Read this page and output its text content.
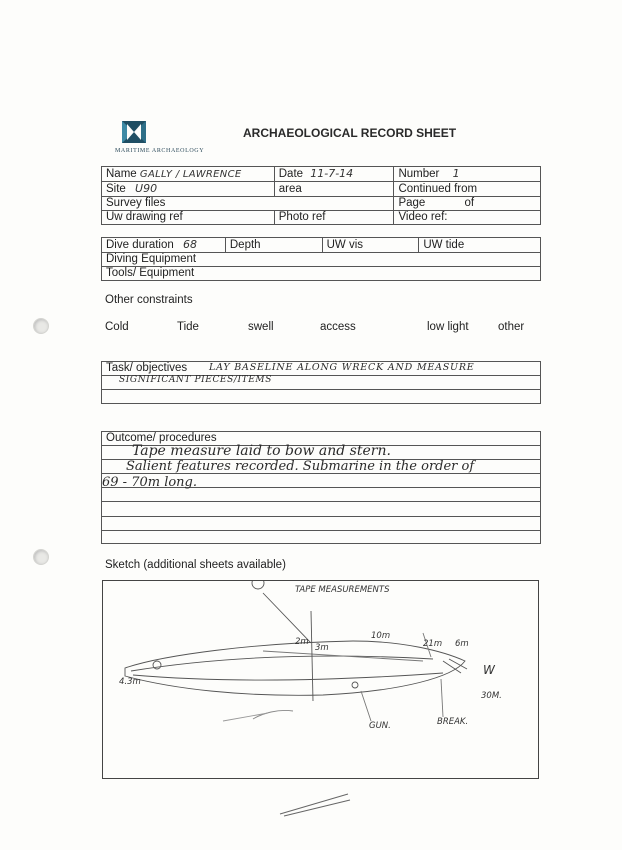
MARITIME ARCHAEOLOGY
ARCHAEOLOGICAL RECORD SHEET
Name GALLY / LAWRENCE	Date 11-7-14	Number 1
Site U90	area	Continued from
Survey files		Page of
Uw drawing ref	Photo ref	Video ref:
Dive duration 68	Depth	UW vis	UW tide
Diving Equipment
Tools/ Equipment
Other constraints
Cold	Tide	swell	access	low light	other
Task/ objectives LAY BASELINE ALONG WRECK AND MEASURE
SIGNIFICANT PIECES/ITEMS
Outcome/ procedures
Tape measure laid to bow and stern.
Salient features recorded. Submarine in the order of
69 - 70m long.
Sketch (additional sheets available)
TAPE MEASUREMENTS
10m
21m
2m
3m
4.3m
6m
30M.
W
GUN.	BREAK.
